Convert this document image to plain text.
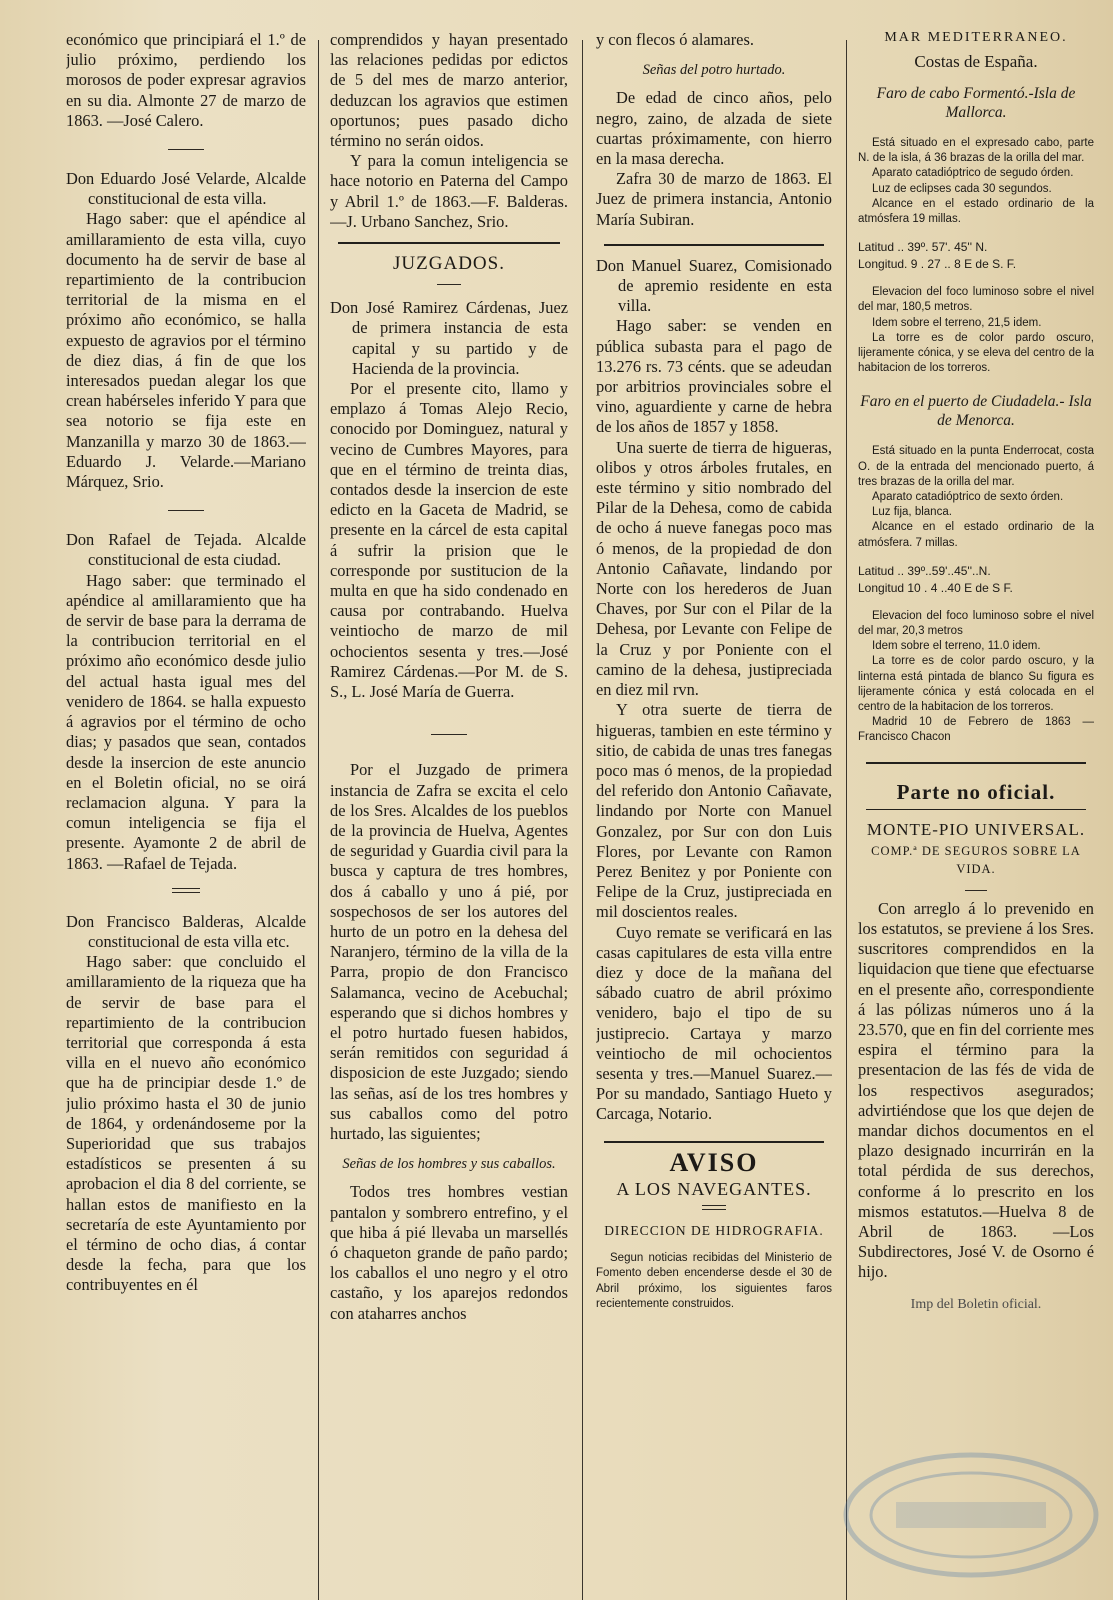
económico que principiará el 1.º de julio próximo, perdiendo los morosos de poder expresar agravios en su dia. Almonte 27 de marzo de 1863. —José Calero.

Don Eduardo José Velarde, Alcalde constitucional de esta villa.

Hago saber: que el apéndice al amillaramiento de esta villa, cuyo documento ha de servir de base al repartimiento de la contribucion territorial de la misma en el próximo año económico, se halla expuesto de agravios por el término de diez dias, á fin de que los interesados puedan alegar los que crean habérseles inferido Y para que sea notorio se fija este en Manzanilla y marzo 30 de 1863.— Eduardo J. Velarde.—Mariano Márquez, Srio.

Don Rafael de Tejada. Alcalde constitucional de esta ciudad.

Hago saber: que terminado el apéndice al amillaramiento que ha de servir de base para la derrama de la contribucion territorial en el próximo año económico desde julio del actual hasta igual mes del venidero de 1864. se halla expuesto á agravios por el término de ocho dias; y pasados que sean, contados desde la insercion de este anuncio en el Boletin oficial, no se oirá reclamacion alguna. Y para la comun inteligencia se fija el presente. Ayamonte 2 de abril de 1863. —Rafael de Tejada.

Don Francisco Balderas, Alcalde constitucional de esta villa etc.

Hago saber: que concluido el amillaramiento de la riqueza que ha de servir de base para el repartimiento de la contribucion territorial que corresponda á esta villa en el nuevo año económico que ha de principiar desde 1.º de julio próximo hasta el 30 de junio de 1864, y ordenándoseme por la Superioridad que sus trabajos estadísticos se presenten á su aprobacion el dia 8 del corriente, se hallan estos de manifiesto en la secretaría de este Ayuntamiento por el término de ocho dias, á contar desde la fecha, para que los contribuyentes en él

comprendidos y hayan presentado las relaciones pedidas por edictos de 5 del mes de marzo anterior, deduzcan los agravios que estimen oportunos; pues pasado dicho término no serán oidos.

Y para la comun inteligencia se hace notorio en Paterna del Campo y Abril 1.º de 1863.—F. Balderas.—J. Urbano Sanchez, Srio.

JUZGADOS.

Don José Ramirez Cárdenas, Juez de primera instancia de esta capital y su partido y de Hacienda de la provincia.

Por el presente cito, llamo y emplazo á Tomas Alejo Recio, conocido por Dominguez, natural y vecino de Cumbres Mayores, para que en el término de treinta dias, contados desde la insercion de este edicto en la Gaceta de Madrid, se presente en la cárcel de esta capital á sufrir la prision que le corresponde por sustitucion de la multa en que ha sido condenado en causa por contrabando. Huelva veintiocho de marzo de mil ochocientos sesenta y tres.—José Ramirez Cárdenas.—Por M. de S. S., L. José María de Guerra.

Por el Juzgado de primera instancia de Zafra se excita el celo de los Sres. Alcaldes de los pueblos de la provincia de Huelva, Agentes de seguridad y Guardia civil para la busca y captura de tres hombres, dos á caballo y uno á pié, por sospechosos de ser los autores del hurto de un potro en la dehesa del Naranjero, término de la villa de la Parra, propio de don Francisco Salamanca, vecino de Acebuchal; esperando que si dichos hombres y el potro hurtado fuesen habidos, serán remitidos con seguridad á disposicion de este Juzgado; siendo las señas, así de los tres hombres y sus caballos como del potro hurtado, las siguientes;

Señas de los hombres y sus caballos.

Todos tres hombres vestian pantalon y sombrero entrefino, y el que hiba á pié llevaba un marsellés ó chaqueton grande de paño pardo; los caballos el uno negro y el otro castaño, y los aparejos redondos con ataharres anchos

y con flecos ó alamares.

Señas del potro hurtado.

De edad de cinco años, pelo negro, zaino, de alzada de siete cuartas próximamente, con hierro en la masa derecha.

Zafra 30 de marzo de 1863. El Juez de primera instancia, Antonio María Subiran.

Don Manuel Suarez, Comisionado de apremio residente en esta villa.

Hago saber: se venden en pública subasta para el pago de 13.276 rs. 73 cénts. que se adeudan por arbitrios provinciales sobre el vino, aguardiente y carne de hebra de los años de 1857 y 1858.

Una suerte de tierra de higueras, olibos y otros árboles frutales, en este término y sitio nombrado del Pilar de la Dehesa, como de cabida de ocho á nueve fanegas poco mas ó menos, de la propiedad de don Antonio Cañavate, lindando por Norte con los herederos de Juan Chaves, por Sur con el Pilar de la Dehesa, por Levante con Felipe de la Cruz y por Poniente con el camino de la dehesa, justipreciada en diez mil rvn.

Y otra suerte de tierra de higueras, tambien en este término y sitio, de cabida de unas tres fanegas poco mas ó menos, de la propiedad del referido don Antonio Cañavate, lindando por Norte con Manuel Gonzalez, por Sur con don Luis Flores, por Levante con Ramon Perez Benitez y por Poniente con Felipe de la Cruz, justipreciada en mil doscientos reales.

Cuyo remate se verificará en las casas capitulares de esta villa entre diez y doce de la mañana del sábado cuatro de abril próximo venidero, bajo el tipo de su justiprecio. Cartaya y marzo veintiocho de mil ochocientos sesenta y tres.—Manuel Suarez.—Por su mandado, Santiago Hueto y Carcaga, Notario.

AVISO
A LOS NAVEGANTES.
DIRECCION DE HIDROGRAFIA.

Segun noticias recibidas del Ministerio de Fomento deben encenderse desde el 30 de Abril próximo, los siguientes faros recientemente construidos.

MAR MEDITERRANEO.
Costas de España.
Faro de cabo Formentó.-Isla de Mallorca.

Está situado en el expresado cabo, parte N. de la isla, á 36 brazas de la orilla del mar.

Aparato catadióptrico de segudo órden.

Luz de eclipses cada 30 segundos.

Alcance en el estado ordinario de la atmósfera 19 millas.

Latitud .. 39º. 57'. 45'' N.
Longitud. 9 . 27 .. 8 E de S. F.

Elevacion del foco luminoso sobre el nivel del mar, 180,5 metros.

Idem sobre el terreno, 21,5 idem.

La torre es de color pardo oscuro, lijeramente cónica, y se eleva del centro de la habitacion de los torreros.

Faro en el puerto de Ciudadela.- Isla de Menorca.

Está situado en la punta Enderrocat, costa O. de la entrada del mencionado puerto, á tres brazas de la orilla del mar.

Aparato catadióptrico de sexto órden.

Luz fija, blanca.

Alcance en el estado ordinario de la atmósfera. 7 millas.

Latitud .. 39º..59'..45''..N.
Longitud 10 . 4 ..40 E de S F.

Elevacion del foco luminoso sobre el nivel del mar, 20,3 metros

Idem sobre el terreno, 11.0 idem.

La torre es de color pardo oscuro, y la linterna está pintada de blanco Su figura es lijeramente cónica y está colocada en el centro de la habitacion de los torreros.

Madrid 10 de Febrero de 1863 — Francisco Chacon

Parte no oficial.
MONTE-PIO UNIVERSAL.
COMP.ª DE SEGUROS SOBRE LA VIDA.

Con arreglo á lo prevenido en los estatutos, se previene á los Sres. suscritores comprendidos en la liquidacion que tiene que efectuarse en el presente año, correspondiente á las pólizas números uno á la 23.570, que en fin del corriente mes espira el término para la presentacion de las fés de vida de los respectivos asegurados; advirtiéndose que los que dejen de mandar dichos documentos en el plazo designado incurrirán en la total pérdida de sus derechos, conforme á lo prescrito en los mismos estatutos.—Huelva 8 de Abril de 1863. —Los Subdirectores, José V. de Osorno é hijo.

Imp del Boletin oficial.
